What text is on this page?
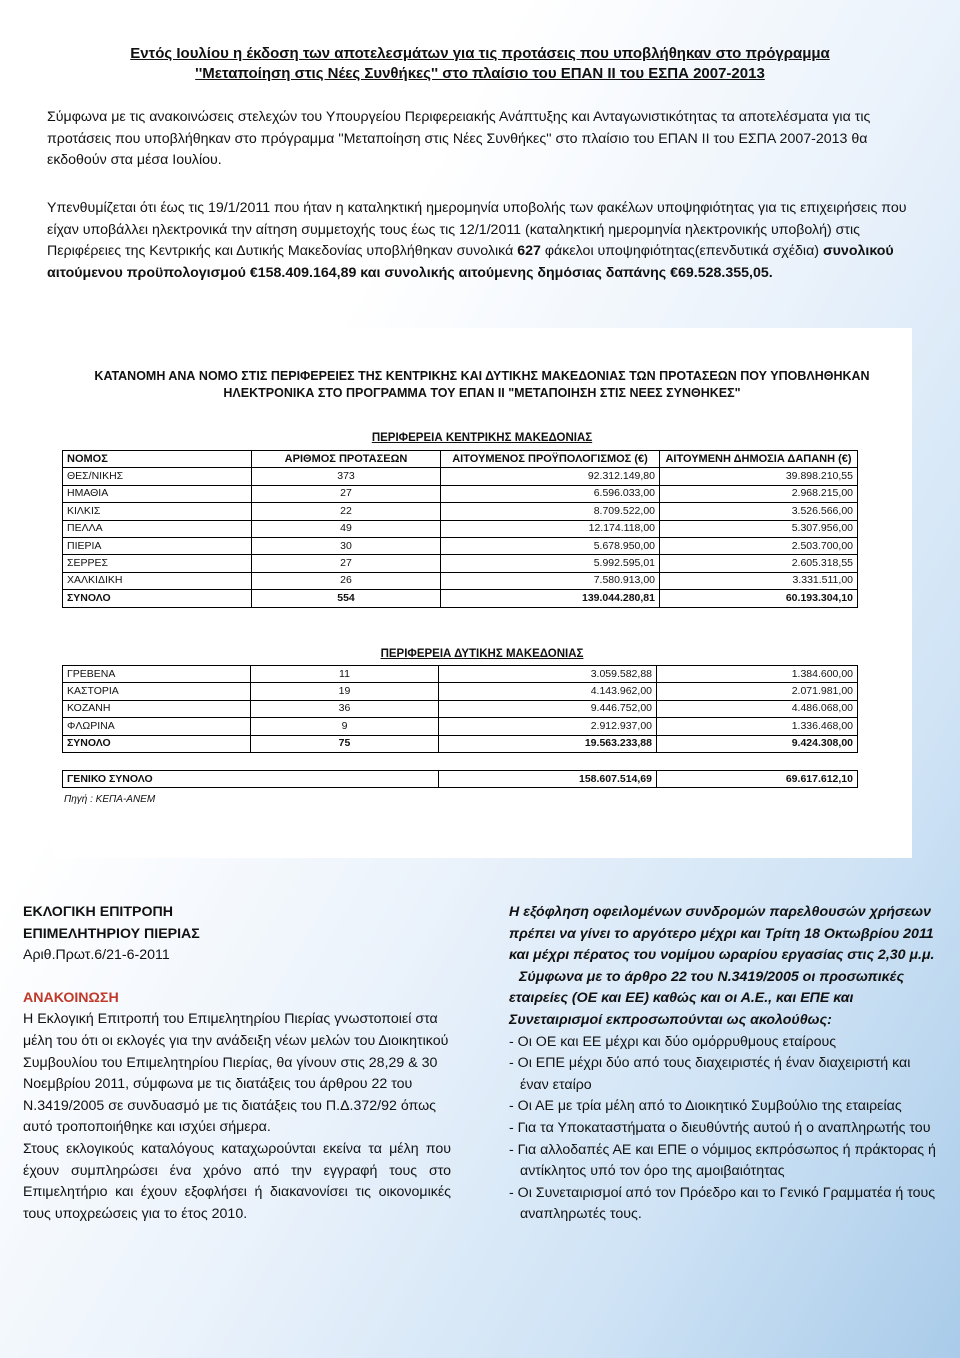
Εντός Ιουλίου η έκδοση των αποτελεσμάτων για τις προτάσεις που υποβλήθηκαν στο πρόγραμμα
''Μεταποίηση στις Νέες Συνθήκες'' στο πλαίσιο του ΕΠΑΝ ΙΙ του ΕΣΠΑ 2007-2013
Σύμφωνα με τις ανακοινώσεις στελεχών του Υπουργείου Περιφερειακής Ανάπτυξης και Ανταγωνιστικότητας τα αποτελέσματα για τις προτάσεις που υποβλήθηκαν στο πρόγραμμα ''Μεταποίηση στις Νέες Συνθήκες'' στο πλαίσιο του ΕΠΑΝ ΙΙ του ΕΣΠΑ 2007-2013 θα εκδοθούν στα μέσα Ιουλίου.
Υπενθυμίζεται ότι έως τις 19/1/2011 που ήταν η καταληκτική ημερομηνία υποβολής των φακέλων υποψηφιότητας για τις επιχειρήσεις που είχαν υποβάλλει ηλεκτρονικά την αίτηση συμμετοχής τους έως τις 12/1/2011 (καταληκτική ημερομηνία ηλεκτρονικής υποβολή) στις Περιφέρειες της Κεντρικής και Δυτικής Μακεδονίας υποβλήθηκαν συνολικά 627 φάκελοι υποψηφιότητας(επενδυτικά σχέδια) συνολικού αιτούμενου προϋπολογισμού €158.409.164,89 και συνολικής αιτούμενης δημόσιας δαπάνης €69.528.355,05.
ΚΑΤΑΝΟΜΗ ΑΝΑ ΝΟΜΟ ΣΤΙΣ ΠΕΡΙΦΕΡΕΙΕΣ ΤΗΣ ΚΕΝΤΡΙΚΗΣ ΚΑΙ ΔΥΤΙΚΗΣ ΜΑΚΕΔΟΝΙΑΣ ΤΩΝ ΠΡΟΤΑΣΕΩΝ ΠΟΥ ΥΠΟΒΛΗΘΗΚΑΝ
ΗΛΕΚΤΡΟΝΙΚΑ ΣΤΟ ΠΡΟΓΡΑΜΜΑ ΤΟΥ ΕΠΑΝ ΙΙ "ΜΕΤΑΠΟΙΗΣΗ ΣΤΙΣ ΝΕΕΣ ΣΥΝΘΗΚΕΣ"
ΠΕΡΙΦΕΡΕΙΑ ΚΕΝΤΡΙΚΗΣ ΜΑΚΕΔΟΝΙΑΣ
ΝΟΜΟΣ	ΑΡΙΘΜΟΣ ΠΡΟΤΑΣΕΩΝ	ΑΙΤΟΥΜΕΝΟΣ ΠΡΟΫΠΟΛΟΓΙΣΜΟΣ (€)	ΑΙΤΟΥΜΕΝΗ ΔΗΜΟΣΙΑ ΔΑΠΑΝΗ (€)
ΘΕΣ/ΝΙΚΗΣ	373	92.312.149,80	39.898.210,55
ΗΜΑΘΙΑ	27	6.596.033,00	2.968.215,00
ΚΙΛΚΙΣ	22	8.709.522,00	3.526.566,00
ΠΕΛΛΑ	49	12.174.118,00	5.307.956,00
ΠΙΕΡΙΑ	30	5.678.950,00	2.503.700,00
ΣΕΡΡΕΣ	27	5.992.595,01	2.605.318,55
ΧΑΛΚΙΔΙΚΗ	26	7.580.913,00	3.331.511,00
ΣΥΝΟΛΟ	554	139.044.280,81	60.193.304,10
ΠΕΡΙΦΕΡΕΙΑ ΔΥΤΙΚΗΣ ΜΑΚΕΔΟΝΙΑΣ
ΓΡΕΒΕΝΑ	11	3.059.582,88	1.384.600,00
ΚΑΣΤΟΡΙΑ	19	4.143.962,00	2.071.981,00
ΚΟΖΑΝΗ	36	9.446.752,00	4.486.068,00
ΦΛΩΡΙΝΑ	9	2.912.937,00	1.336.468,00
ΣΥΝΟΛΟ	75	19.563.233,88	9.424.308,00
ΓΕΝΙΚΟ ΣΥΝΟΛΟ	158.607.514,69	69.617.612,10
Πηγή : ΚΕΠΑ-ΑΝΕΜ
ΕΚΛΟΓΙΚΗ ΕΠΙΤΡΟΠΗ
ΕΠΙΜΕΛΗΤΗΡΙΟΥ ΠΙΕΡΙΑΣ
Αριθ.Πρωτ.6/21-6-2011
ΑΝΑΚΟΙΝΩΣΗ
Η Εκλογική Επιτροπή του Επιμελητηρίου Πιερίας γνωστοποιεί στα μέλη του ότι οι εκλογές για την ανάδειξη νέων μελών του Διοικητικού Συμβουλίου του Επιμελητηρίου Πιερίας, θα γίνουν στις 28,29 & 30 Νοεμβρίου 2011, σύμφωνα με τις διατάξεις του άρθρου 22 του Ν.3419/2005 σε συνδυασμό με τις διατάξεις του Π.Δ.372/92 όπως αυτό τροποποιήθηκε και ισχύει σήμερα.
Στους εκλογικούς καταλόγους καταχωρούνται εκείνα τα μέλη που έχουν συμπληρώσει ένα χρόνο από την εγγραφή τους στο Επιμελητήριο και έχουν εξοφλήσει ή διακανονίσει τις οικονομικές τους υποχρεώσεις για το έτος 2010.
Η εξόφληση οφειλομένων συνδρομών παρελθουσών χρήσεων πρέπει να γίνει το αργότερο μέχρι και Τρίτη 18 Οκτωβρίου 2011 και μέχρι πέρατος του νομίμου ωραρίου εργασίας στις 2,30 μ.μ.
Σύμφωνα με το άρθρο 22 του Ν.3419/2005 οι προσωπικές εταιρείες (ΟΕ και ΕΕ) καθώς και οι Α.Ε., και ΕΠΕ και Συνεταιρισμοί εκπροσωπούνται ως ακολούθως:
- Οι ΟΕ και ΕΕ μέχρι και δύο ομόρρυθμους εταίρους
- Οι ΕΠΕ μέχρι δύο από τους διαχειριστές ή έναν διαχειριστή και έναν εταίρο
- Οι ΑΕ με τρία μέλη από το Διοικητικό Συμβούλιο της εταιρείας
- Για τα Υποκαταστήματα ο διευθύντής αυτού ή ο αναπληρωτής του
- Για αλλοδαπές ΑΕ και ΕΠΕ ο νόμιμος εκπρόσωπος ή πράκτορας ή αντίκλητος υπό τον όρο της αμοιβαιότητας
- Οι Συνεταιρισμοί από τον Πρόεδρο και το Γενικό Γραμματέα ή τους αναπληρωτές τους.
